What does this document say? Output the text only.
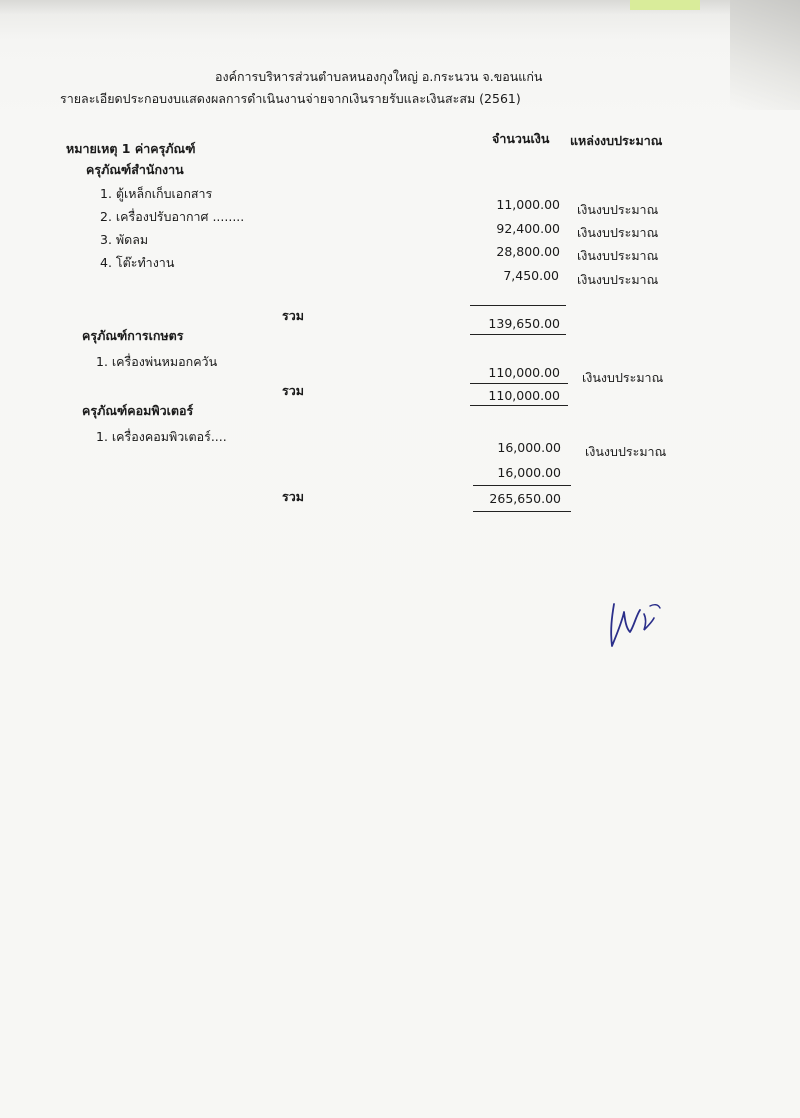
องค์การบริหารส่วนตำบลหนองกุงใหญ่ อ.กระนวน จ.ขอนแก่น
รายละเอียดประกอบงบแสดงผลการดำเนินงานจ่ายจากเงินรายรับและเงินสะสม (2561)
จำนวนเงิน แหล่งงบประมาณ
หมายเหตุ 1 ค่าครุภัณฑ์
ครุภัณฑ์สำนักงาน
1. ตู้เหล็กเก็บเอกสาร
11,000.00 เงินงบประมาณ
2. เครื่องปรับอากาศ ........
92,400.00 เงินงบประมาณ
3. พัดลม
28,800.00 เงินงบประมาณ
4. โต๊ะทำงาน
7,450.00 เงินงบประมาณ
รวม
139,650.00
ครุภัณฑ์การเกษตร
1. เครื่องพ่นหมอกควัน
110,000.00 เงินงบประมาณ
รวม	110,000.00
ครุภัณฑ์คอมพิวเตอร์
1. เครื่องคอมพิวเตอร์....
16,000.00 เงินงบประมาณ
16,000.00
รวม	265,650.00
